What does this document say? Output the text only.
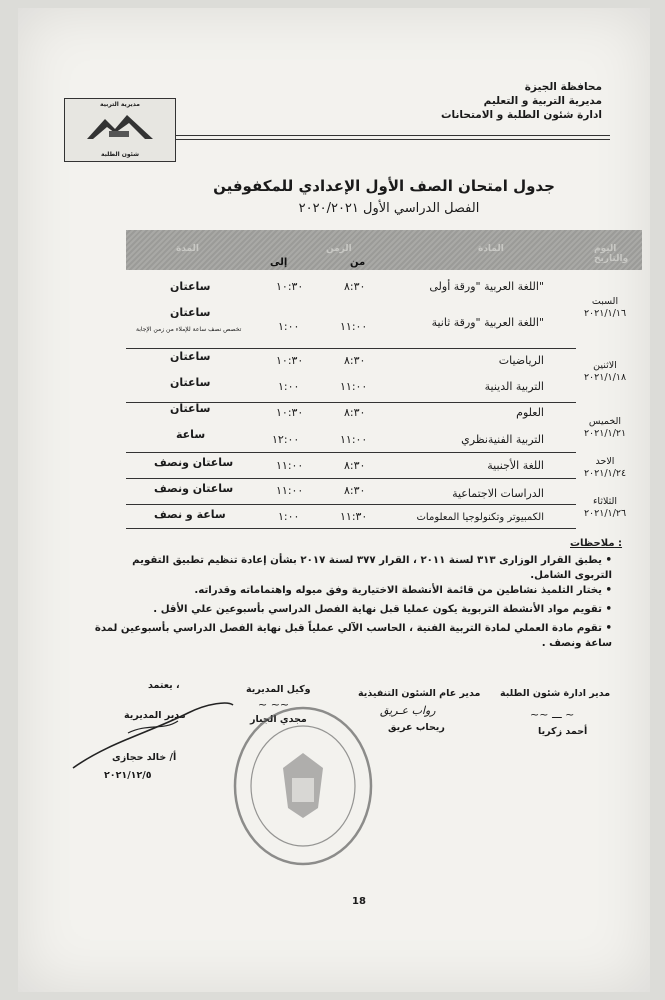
محافظة الجيزة
مديرية التربية و التعليم
ادارة شئون الطلبة و الامتحانات
مديرية التربية
شئون الطلبة
جدول امتحان الصف الأول الإعدادي للمكفوفين
الفصل الدراسي الأول ٢٠٢٠/٢٠٢١
اليوم والتاريخ
المادة
الزمن
المدة
من
إلى
السبت
٢٠٢١/١/١٦
الاثنين
٢٠٢١/١/١٨
الخميس
٢٠٢١/١/٢١
الاحد
٢٠٢١/١/٢٤
الثلاثاء
٢٠٢١/١/٢٦
اللغة العربية "ورقة أولى"
٨:٣٠
١٠:٣٠
ساعتان
اللغة العربية "ورقة ثانية"
١١:٠٠
١:٠٠
ساعتان
تخصص نصف ساعة للإملاء من زمن الإجابة
الرياضيات
٨:٣٠
١٠:٣٠
ساعتان
التربية الدينية
١١:٠٠
١:٠٠
ساعتان
العلوم
٨:٣٠
١٠:٣٠
ساعتان
التربية الفنيةنظري
١١:٠٠
١٢:٠٠
ساعة
اللغة الأجنبية
٨:٣٠
١١:٠٠
ساعتان ونصف
الدراسات الاجتماعية
٨:٣٠
١١:٠٠
ساعتان ونصف
الكمبيوتر وتكنولوجيا المعلومات
١١:٣٠
١:٠٠
ساعة و نصف
ملاحظات :
• يطبق القرار الوزارى ٣١٣ لسنة ٢٠١١ ، القرار ٣٧٧ لسنة ٢٠١٧ بشأن إعادة تنظيم تطبيق التقويم التربوى الشامل.
• يختار التلميذ نشاطين من قائمة الأنشطة الاختيارية وفق ميوله واهتماماته وقدراته.
• تقويم مواد الأنشطة التربوية يكون عمليا قبل نهاية الفصل الدراسي بأسبوعين علي الأقل .
• تقوم مادة العملي لمادة التربية الفنية ، الحاسب الآلي عملياً قبل نهاية الفصل الدراسي بأسبوعين لمدة ساعة ونصف .
مدير ادارة شئون الطلبة
~~ ـــ ~
أحمد زكريا
مدير عام الشئون التنفيذية
رواب عـريق
ريحاب عريق
وكيل المديرية
~ ~~
مجدي الجبار
يعتمد ،
مدير المديرية
أ/ خالد حجازى
٢٠٢١/١٢/٥
18
